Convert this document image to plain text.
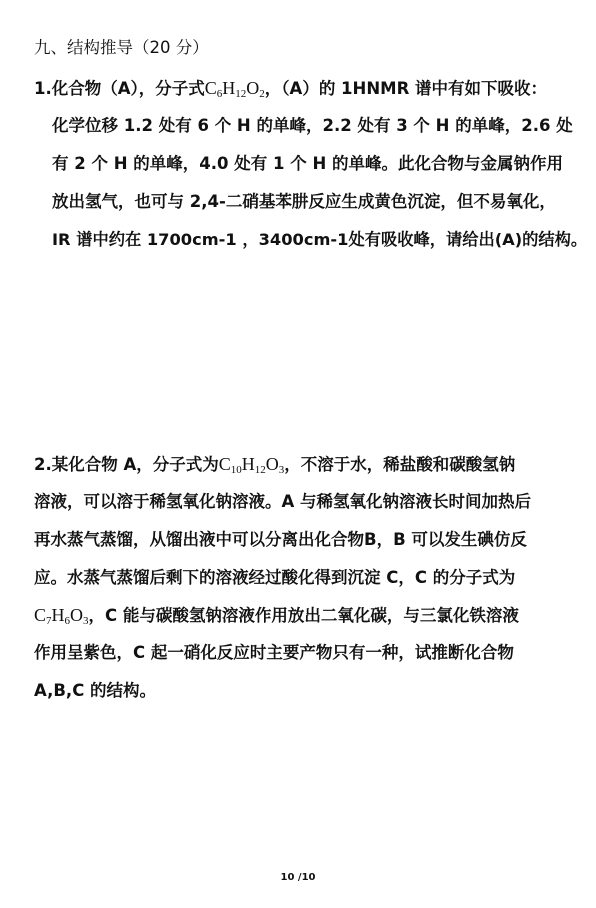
九、结构推导（20 分）
1.化合物（A），分子式$C_6H_{12}O_2$，（A）的 1HNMR 谱中有如下吸收：
化学位移 1.2 处有 6 个 H 的单峰，2.2 处有 3 个 H 的单峰，2.6 处
有 2 个 H 的单峰，4.0 处有 1 个 H 的单峰。此化合物与金属钠作用
放出氢气，也可与 2,4-二硝基苯肼反应生成黄色沉淀，但不易氧化，
IR 谱中约在 1700cm-1 ，3400cm-1处有吸收峰，请给出(A)的结构。
2.某化合物 A，分子式为$C_{10}H_{12}O_3$，不溶于水，稀盐酸和碳酸氢钠
溶液，可以溶于稀氢氧化钠溶液。A 与稀氢氧化钠溶液长时间加热后
再水蒸气蒸馏，从馏出液中可以分离出化合物B，B 可以发生碘仿反
应。水蒸气蒸馏后剩下的溶液经过酸化得到沉淀 C，C 的分子式为
$C_7H_6O_3$，C 能与碳酸氢钠溶液作用放出二氧化碳，与三氯化铁溶液
作用呈紫色，C 起一硝化反应时主要产物只有一种，试推断化合物
A,B,C 的结构。
10 /10
